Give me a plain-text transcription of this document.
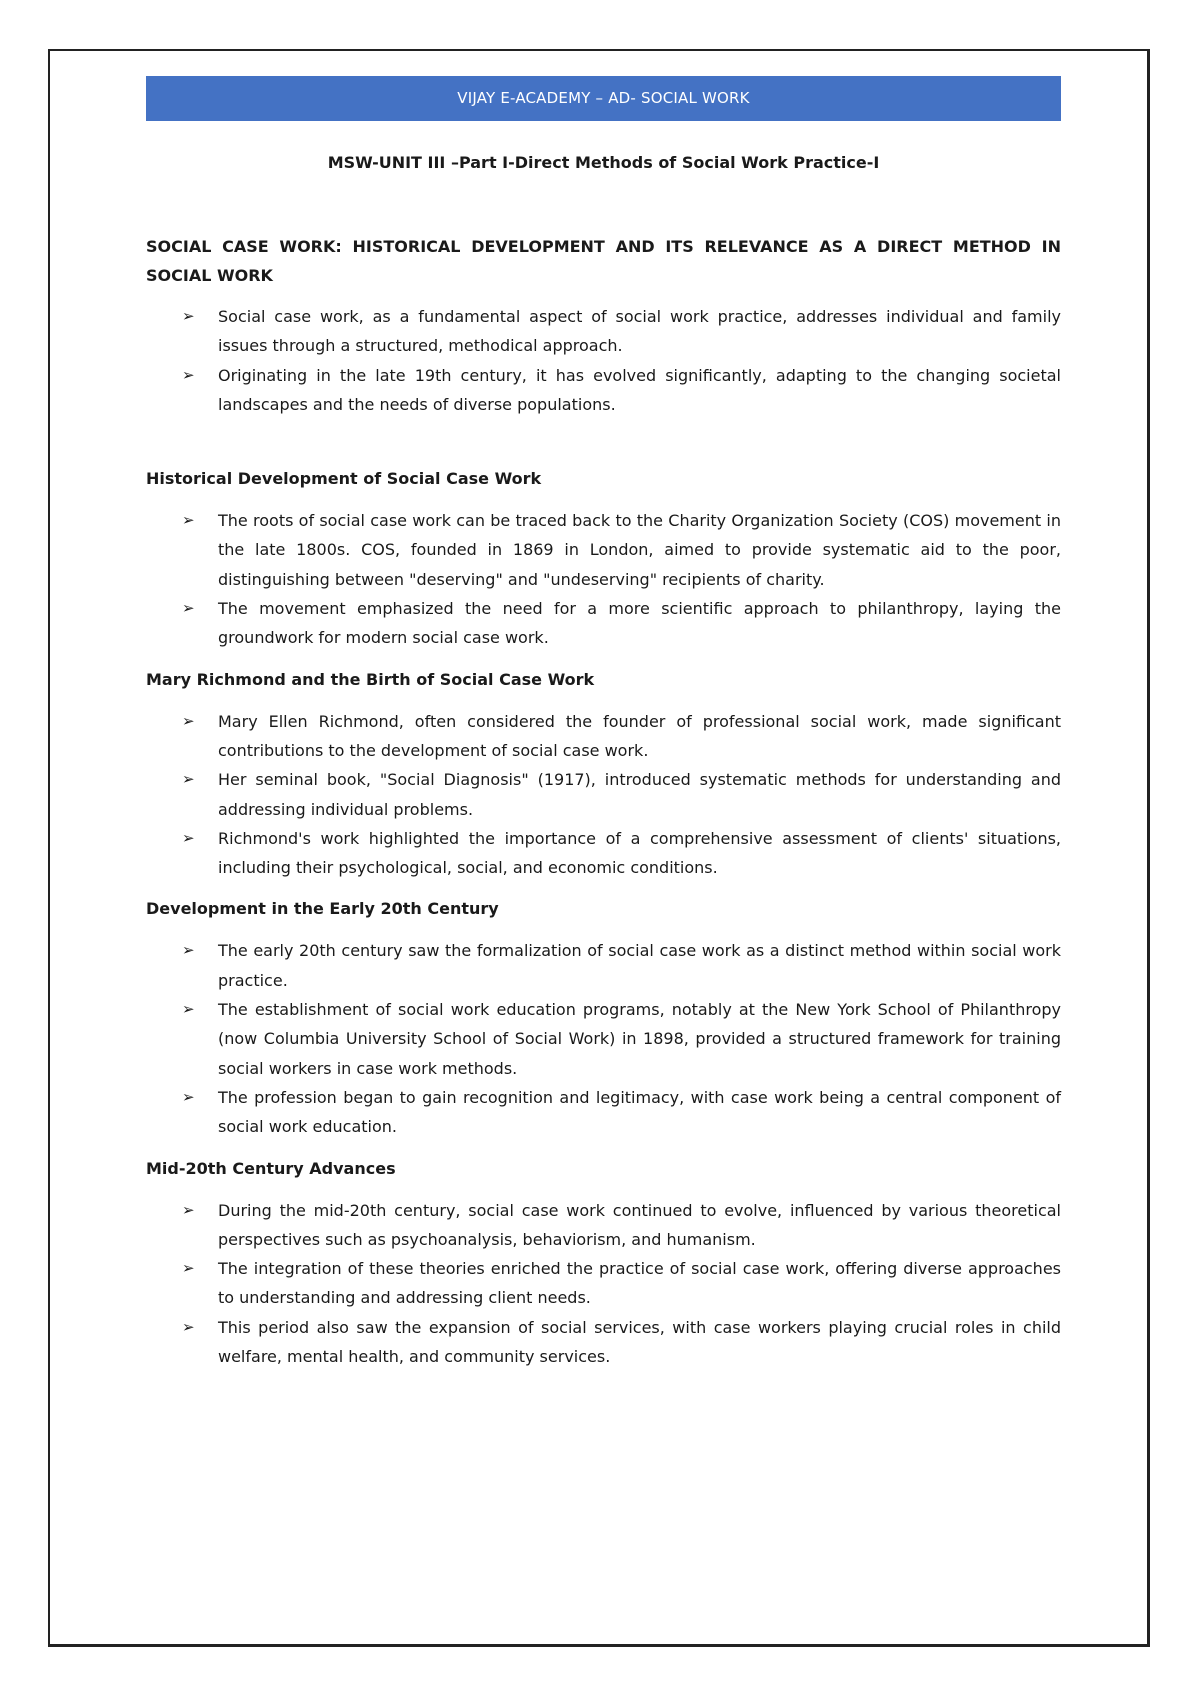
VIJAY E-ACADEMY – AD- SOCIAL WORK
MSW-UNIT III –Part I-Direct Methods of Social Work Practice-I
SOCIAL CASE WORK: HISTORICAL DEVELOPMENT AND ITS RELEVANCE AS A DIRECT METHOD IN SOCIAL WORK
➢ Social case work, as a fundamental aspect of social work practice, addresses individual and family issues through a structured, methodical approach.
➢ Originating in the late 19th century, it has evolved significantly, adapting to the changing societal landscapes and the needs of diverse populations.
Historical Development of Social Case Work
➢ The roots of social case work can be traced back to the Charity Organization Society (COS) movement in the late 1800s. COS, founded in 1869 in London, aimed to provide systematic aid to the poor, distinguishing between "deserving" and "undeserving" recipients of charity.
➢ The movement emphasized the need for a more scientific approach to philanthropy, laying the groundwork for modern social case work.
Mary Richmond and the Birth of Social Case Work
➢ Mary Ellen Richmond, often considered the founder of professional social work, made significant contributions to the development of social case work.
➢ Her seminal book, "Social Diagnosis" (1917), introduced systematic methods for understanding and addressing individual problems.
➢ Richmond's work highlighted the importance of a comprehensive assessment of clients' situations, including their psychological, social, and economic conditions.
Development in the Early 20th Century
➢ The early 20th century saw the formalization of social case work as a distinct method within social work practice.
➢ The establishment of social work education programs, notably at the New York School of Philanthropy (now Columbia University School of Social Work) in 1898, provided a structured framework for training social workers in case work methods.
➢ The profession began to gain recognition and legitimacy, with case work being a central component of social work education.
Mid-20th Century Advances
➢ During the mid-20th century, social case work continued to evolve, influenced by various theoretical perspectives such as psychoanalysis, behaviorism, and humanism.
➢ The integration of these theories enriched the practice of social case work, offering diverse approaches to understanding and addressing client needs.
➢ This period also saw the expansion of social services, with case workers playing crucial roles in child welfare, mental health, and community services.
